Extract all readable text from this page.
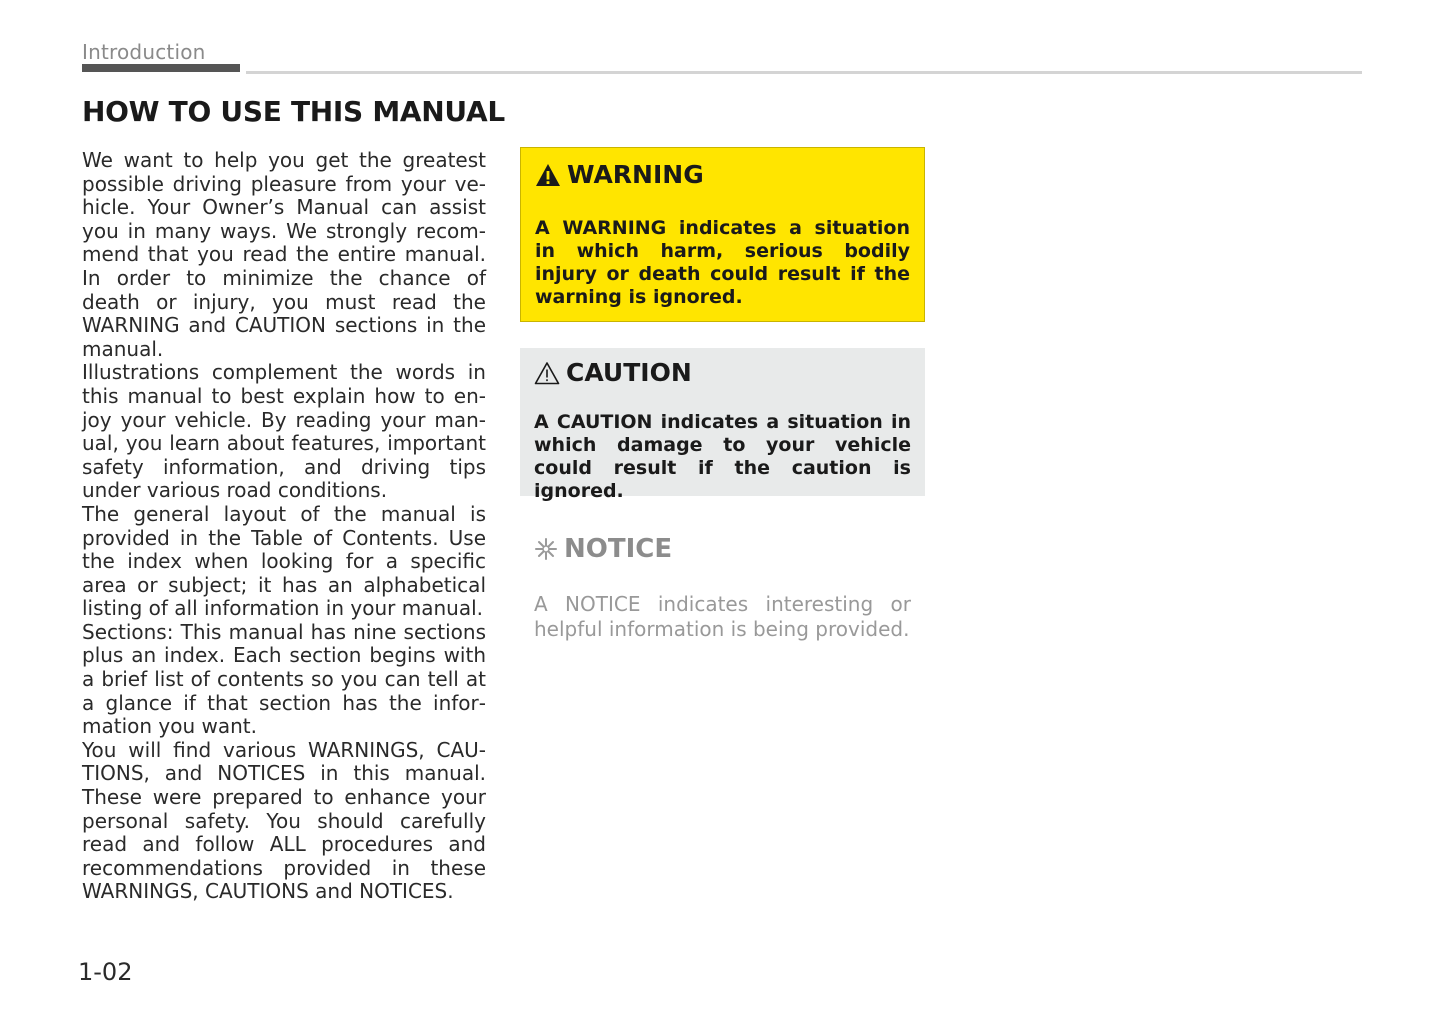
Introduction
HOW TO USE THIS MANUAL

We want to help you get the greatest possible driving pleasure from your vehicle. Your Owner’s Manual can assist you in many ways. We strongly recommend that you read the entire manual. In order to minimize the chance of death or injury, you must read the WARNING and CAUTION sections in the manual.

Illustrations complement the words in this manual to best explain how to enjoy your vehicle. By reading your manual, you learn about features, important safety information, and driving tips under various road conditions.

The general layout of the manual is provided in the Table of Contents. Use the index when looking for a specific area or subject; it has an alphabetical listing of all information in your manual.

Sections: This manual has nine sections plus an index. Each section begins with a brief list of contents so you can tell at a glance if that section has the information you want.

You will find various WARNINGS, CAUTIONS, and NOTICES in this manual. These were prepared to enhance your personal safety. You should carefully read and follow ALL procedures and recommendations provided in these WARNINGS, CAUTIONS and NOTICES.

WARNING
A WARNING indicates a situation in which harm, serious bodily injury or death could result if the warning is ignored.
CAUTION
A CAUTION indicates a situation in which damage to your vehicle could result if the caution is ignored.
NOTICE
A NOTICE indicates interesting or helpful information is being provided.
1-02
